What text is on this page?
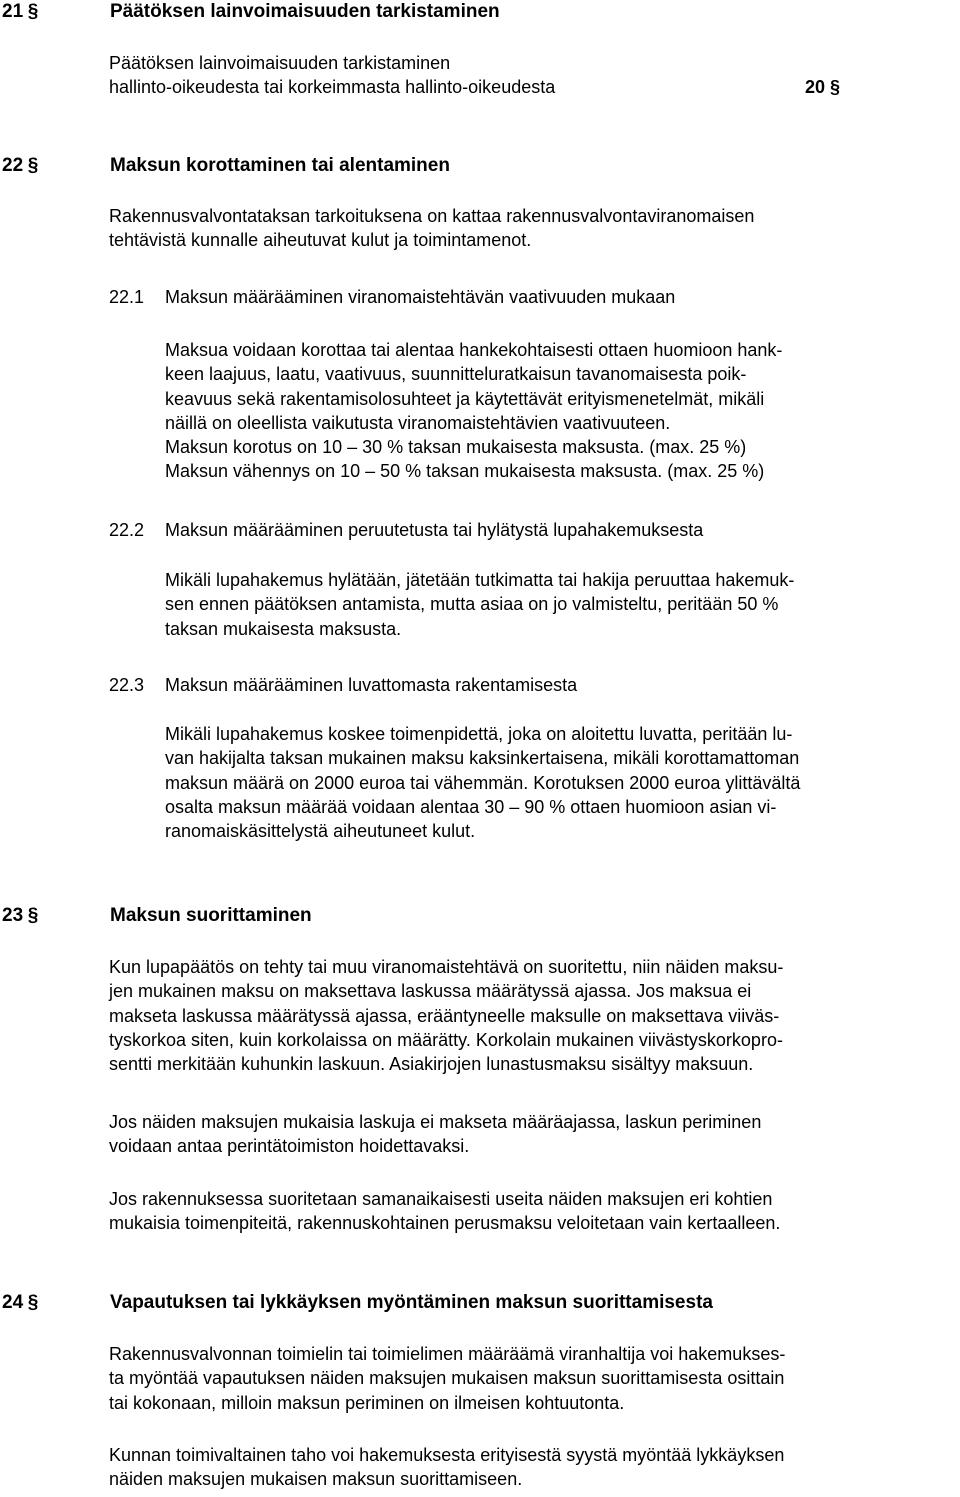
21 §	Päätöksen lainvoimaisuuden tarkistaminen
Päätöksen lainvoimaisuuden tarkistaminen
hallinto-oikeudesta tai korkeimmasta hallinto-oikeudesta	20 §
22 §	Maksun korottaminen tai alentaminen
Rakennusvalvontataksan tarkoituksena on kattaa rakennusvalvontaviranomaisen
tehtävistä kunnalle aiheutuvat kulut ja toimintamenot.
22.1 Maksun määrääminen viranomaistehtävän vaativuuden mukaan
Maksua voidaan korottaa tai alentaa hankekohtaisesti ottaen huomioon hank-
keen laajuus, laatu, vaativuus, suunnitteluratkaisun tavanomaisesta poik-
keavuus sekä rakentamisolosuhteet ja käytettävät erityismenetelmät, mikäli
näillä on oleellista vaikutusta viranomaistehtävien vaativuuteen.
Maksun korotus on 10 – 30 % taksan mukaisesta maksusta. (max. 25 %)
Maksun vähennys on 10 – 50 % taksan mukaisesta maksusta. (max. 25 %)
22.2 Maksun määrääminen peruutetusta tai hylätystä lupahakemuksesta
Mikäli lupahakemus hylätään, jätetään tutkimatta tai hakija peruuttaa hakemuk-
sen ennen päätöksen antamista, mutta asiaa on jo valmisteltu, peritään 50 %
taksan mukaisesta maksusta.
22.3 Maksun määrääminen luvattomasta rakentamisesta
Mikäli lupahakemus koskee toimenpidettä, joka on aloitettu luvatta, peritään lu-
van hakijalta taksan mukainen maksu kaksinkertaisena, mikäli korottamattoman
maksun määrä on 2000 euroa tai vähemmän. Korotuksen 2000 euroa ylittävältä
osalta maksun määrää voidaan alentaa 30 – 90 % ottaen huomioon asian vi-
ranomaiskäsittelystä aiheutuneet kulut.
23 §	Maksun suorittaminen
Kun lupapäätös on tehty tai muu viranomaistehtävä on suoritettu, niin näiden maksu-
jen mukainen maksu on maksettava laskussa määrätyssä ajassa. Jos maksua ei
makseta laskussa määrätyssä ajassa, erääntyneelle maksulle on maksettava viiväs-
tyskorkoa siten, kuin korkolaissa on määrätty. Korkolain mukainen viivästyskorkopro-
sentti merkitään kuhunkin laskuun. Asiakirjojen lunastusmaksu sisältyy maksuun.
Jos näiden maksujen mukaisia laskuja ei makseta määräajassa, laskun periminen
voidaan antaa perintätoimiston hoidettavaksi.
Jos rakennuksessa suoritetaan samanaikaisesti useita näiden maksujen eri kohtien
mukaisia toimenpiteitä, rakennuskohtainen perusmaksu veloitetaan vain kertaalleen.
24 §	Vapautuksen tai lykkäyksen myöntäminen maksun suorittamisesta
Rakennusvalvonnan toimielin tai toimielimen määräämä viranhaltija voi hakemukses-
ta myöntää vapautuksen näiden maksujen mukaisen maksun suorittamisesta osittain
tai kokonaan, milloin maksun periminen on ilmeisen kohtuutonta.
Kunnan toimivaltainen taho voi hakemuksesta erityisestä syystä myöntää lykkäyksen
näiden maksujen mukaisen maksun suorittamiseen.
